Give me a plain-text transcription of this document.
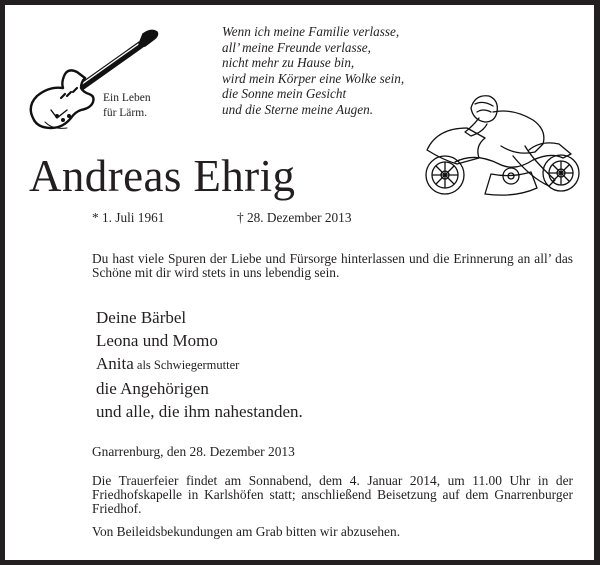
Ein Leben
für Lärm.
Wenn ich meine Familie verlasse,
all’ meine Freunde verlasse,
nicht mehr zu Hause bin,
wird mein Körper eine Wolke sein,
die Sonne mein Gesicht
und die Sterne meine Augen.
Andreas Ehrig
* 1. Juli 1961	† 28. Dezember 2013
Du hast viele Spuren der Liebe und Fürsorge hinterlassen und die Erinnerung an all’ das Schöne mit dir wird stets in uns lebendig sein.
Deine Bärbel
Leona und Momo
Anita als Schwiegermutter
die Angehörigen
und alle, die ihm nahestanden.
Gnarrenburg, den 28. Dezember 2013
Die Trauerfeier findet am Sonnabend, dem 4. Januar 2014, um 11.00 Uhr in der Friedhofskapelle in Karlshöfen statt; anschließend Beisetzung auf dem Gnarrenburger Friedhof.
Von Beileidsbekundungen am Grab bitten wir abzusehen.
